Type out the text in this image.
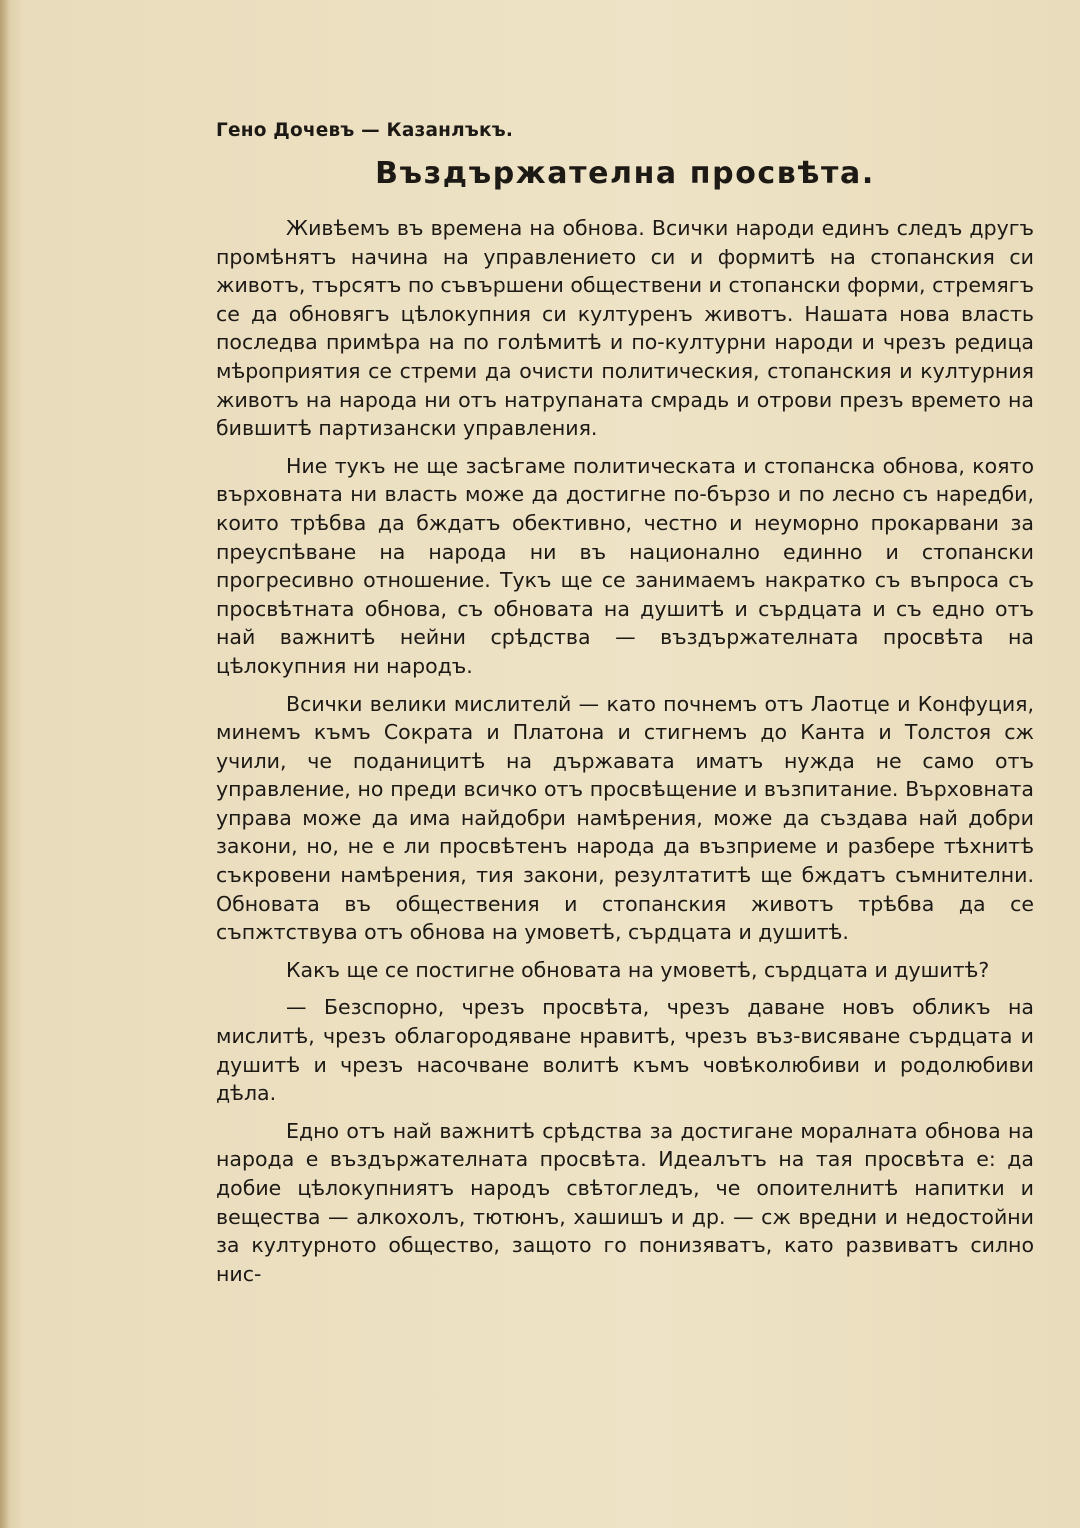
Гено Дочевъ — Казанлъкъ.

Въздържателна просвѣта.

Живѣемъ въ времена на обнова. Всички народи единъ следъ другъ промѣнятъ начина на управлението си и формитѣ на стопанския си животъ, търсятъ по съвършени обществени и стопански форми, стремягъ се да обновягъ цѣлокупния си културенъ животъ. Нашата нова власть последва примѣра на по голѣмитѣ и по-културни народи и чрезъ редица мѣроприятия се стреми да очисти политическия, стопанския и културния животъ на народа ни отъ натрупаната смрадь и отрови презъ времето на бившитѣ партизански управления.

Ние тукъ не ще засѣгаме политическата и стопанска обнова, която върховната ни власть може да достигне по-бързо и по лесно съ наредби, които трѣбва да бждатъ обективно, честно и неуморно прокарвани за преуспѣване на народа ни въ национално единно и стопански прогресивно отношение. Тукъ ще се занимаемъ накратко съ въпроса съ просвѣтната обнова, съ обновата на душитѣ и сърдцата и съ едно отъ най важнитѣ нейни срѣдства — въздържателната просвѣта на цѣлокупния ни народъ.

Всички велики мислителй — като почнемъ отъ Лаотце и Конфуция, минемъ къмъ Сократа и Платона и стигнемъ до Канта и Толстоя сж учили, че поданицитѣ на държавата иматъ нужда не само отъ управление, но преди всичко отъ просвѣщение и възпитание. Върховната управа може да има найдобри намѣрения, може да създава най добри закони, но, не е ли просвѣтенъ народа да възприеме и разбере тѣхнитѣ съкровени намѣрения, тия закони, резултатитѣ ще бждатъ съмнителни. Обновата въ обществения и стопанския животъ трѣбва да се съпжтствува отъ обнова на умоветѣ, сърдцата и душитѣ.

Какъ ще се постигне обновата на умоветѣ, сърдцата и душитѣ?

— Безспорно, чрезъ просвѣта, чрезъ даване новъ обликъ на мислитѣ, чрезъ облагородяване нравитѣ, чрезъ въз-висяване сърдцата и душитѣ и чрезъ насочване волитѣ къмъ човѣколюбиви и родолюбиви дѣла.

Едно отъ най важнитѣ срѣдства за достигане моралната обнова на народа е въздържателната просвѣта. Идеалътъ на тая просвѣта е: да добие цѣлокупниятъ народъ свѣтогледъ, че опоителнитѣ напитки и вещества — алкохолъ, тютюнъ, хашишъ и др. — сж вредни и недостойни за културното общество, защото го понизяватъ, като развиватъ силно нис-
